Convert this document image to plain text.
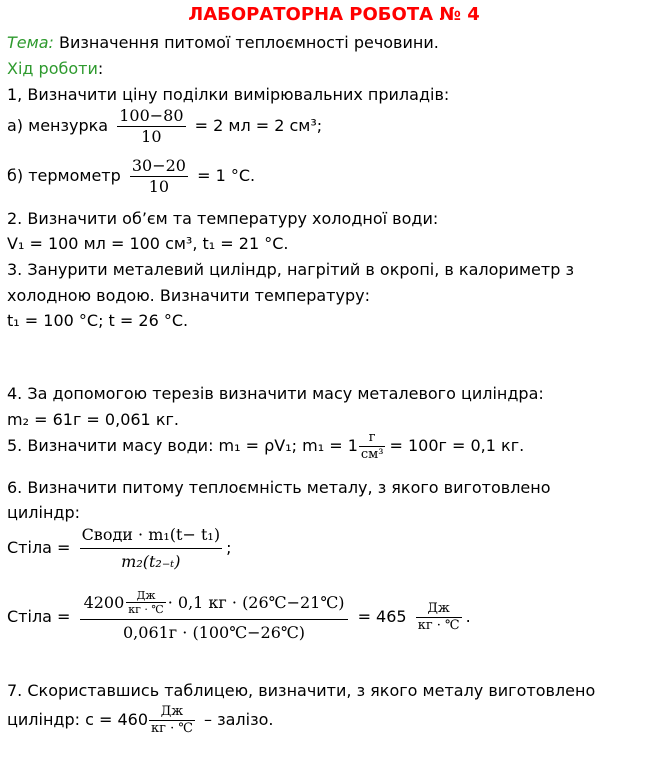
ЛАБОРАТОРНА РОБОТА № 4
Тема: Визначення питомої теплоємності речовини.
Хід роботи:
1, Визначити ціну поділки вимірювальних приладів:
а) мензурка $\frac{100-80}{10} = 2$ мл = 2 см³;
б) термометр $\frac{30-20}{10} = 1$ °С.
2. Визначити об’єм та температуру холодної води:
V₁ = 100 мл = 100 см³, t₁ = 21 °С.
3. Занурити металевий циліндр, нагрітий в окропі, в калориметр з
холодною водою. Визначити температуру:
t₁ = 100 °С; t = 26 °С.
4. За допомогою терезів визначити масу металевого циліндра:
m₂ = 61г = 0,061 кг.
5. Визначити масу води: m₁ = ρV₁; $m_1 = 1 \frac{г}{\text{см³}} = 100г = 0,1$ кг.
6. Визначити питому теплоємність металу, з якого виготовлено
циліндр:
Стіла = $\frac{\text{Своди · m₁(t− t₁)}}{\text{m₂(t₂₋ₜ)}}$ ;
Стіла =
$4200 \frac{Дж}{кг \cdot ℃} \cdot 0,1$ кг · (26℃−21℃)
0,061г · (100℃−26℃)
= $465 \frac{Дж}{кг \cdot ℃}$ .
7. Скориставшись таблицею, визначити, з якого металу виготовлено
циліндр: $с = 460 \frac{Дж}{кг \cdot ℃}$ – залізо.
